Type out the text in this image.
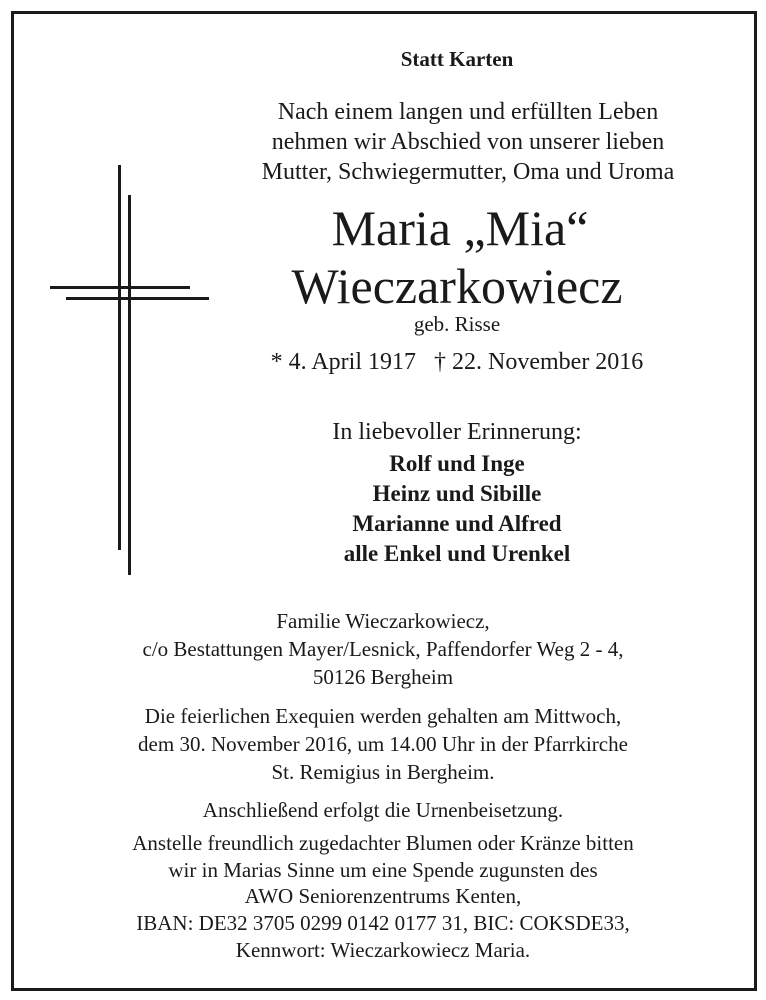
Statt Karten
Nach einem langen und erfüllten Leben
nehmen wir Abschied von unserer lieben
Mutter, Schwiegermutter, Oma und Uroma
Maria „Mia“
Wieczarkowiecz
geb. Risse
* 4. April 1917   † 22. November 2016
In liebevoller Erinnerung:
Rolf und Inge
Heinz und Sibille
Marianne und Alfred
alle Enkel und Urenkel
Familie Wieczarkowiecz,
c/o Bestattungen Mayer/Lesnick, Paffendorfer Weg 2 - 4,
50126 Bergheim
Die feierlichen Exequien werden gehalten am Mittwoch,
dem 30. November 2016, um 14.00 Uhr in der Pfarrkirche
St. Remigius in Bergheim.
Anschließend erfolgt die Urnenbeisetzung.
Anstelle freundlich zugedachter Blumen oder Kränze bitten
wir in Marias Sinne um eine Spende zugunsten des
AWO Seniorenzentrums Kenten,
IBAN: DE32 3705 0299 0142 0177 31, BIC: COKSDE33,
Kennwort: Wieczarkowiecz Maria.
